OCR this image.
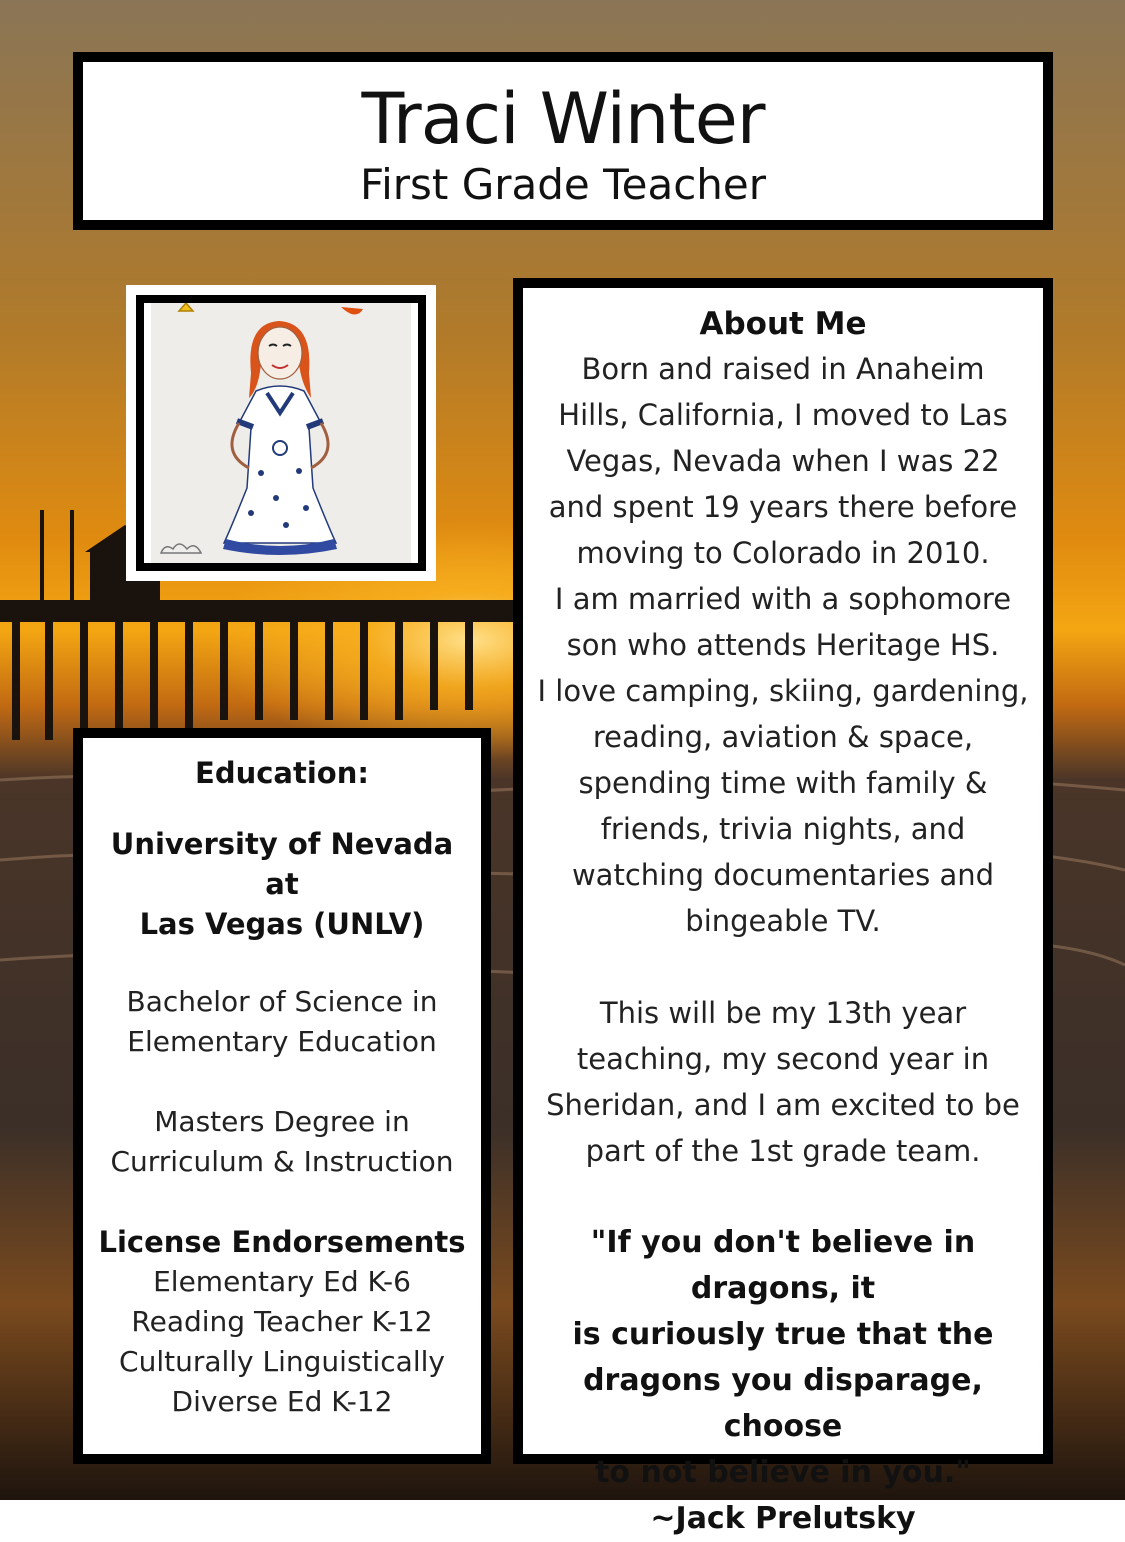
Traci Winter
First Grade Teacher
About Me
Born and raised in Anaheim
Hills, California, I moved to Las
Vegas, Nevada when I was 22
and spent 19 years there before
moving to Colorado in 2010.
I am married with a sophomore
son who attends Heritage HS.
I love camping, skiing, gardening,
reading, aviation & space,
spending time with family &
friends, trivia nights, and
watching documentaries and
bingeable TV.
This will be my 13th year
teaching, my second year in
Sheridan, and I am excited to be
part of the 1st grade team.
"If you don't believe in dragons, it
is curiously true that the
dragons you disparage, choose
to not believe in you."
~Jack Prelutsky
Education:
University of Nevada at
Las Vegas (UNLV)
Bachelor of Science in
Elementary Education
Masters Degree in
Curriculum & Instruction
License Endorsements
Elementary Ed K-6
Reading Teacher K-12
Culturally Linguistically
Diverse Ed K-12
